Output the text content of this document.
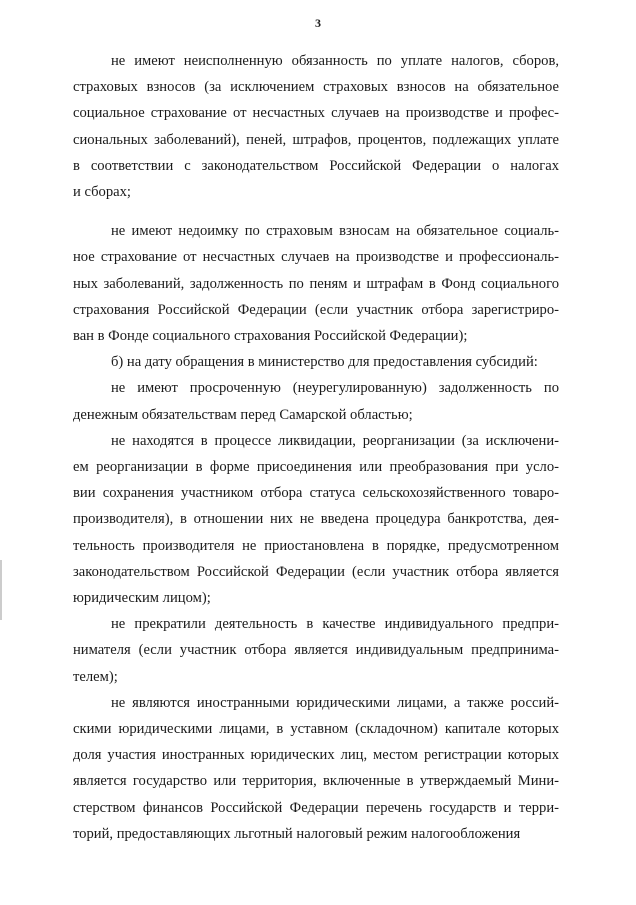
3

не имеют неисполненную обязанность по уплате налогов, сборов,
страховых взносов (за исключением страховых взносов на обязательное
социальное страхование от несчастных случаев на производстве и профес-
сиональных заболеваний), пеней, штрафов, процентов, подлежащих уплате
в соответствии с законодательством Российской Федерации о налогах
и сборах;

не имеют недоимку по страховым взносам на обязательное социаль-
ное страхование от несчастных случаев на производстве и профессиональ-
ных заболеваний, задолженность по пеням и штрафам в Фонд социального
страхования Российской Федерации (если участник отбора зарегистриро-
ван в Фонде социального страхования Российской Федерации);

б) на дату обращения в министерство для предоставления субсидий:

не имеют просроченную (неурегулированную) задолженность по
денежным обязательствам перед Самарской областью;

не находятся в процессе ликвидации, реорганизации (за исключени-
ем реорганизации в форме присоединения или преобразования при усло-
вии сохранения участником отбора статуса сельскохозяйственного товаро-
производителя), в отношении них не введена процедура банкротства, дея-
тельность производителя не приостановлена в порядке, предусмотренном
законодательством Российской Федерации (если участник отбора является
юридическим лицом);

не прекратили деятельность в качестве индивидуального предпри-
нимателя (если участник отбора является индивидуальным предпринима-
телем);

не являются иностранными юридическими лицами, а также россий-
скими юридическими лицами, в уставном (складочном) капитале которых
доля участия иностранных юридических лиц, местом регистрации которых
является государство или территория, включенные в утверждаемый Мини-
стерством финансов Российской Федерации перечень государств и терри-
торий, предоставляющих льготный налоговый режим налогообложения
